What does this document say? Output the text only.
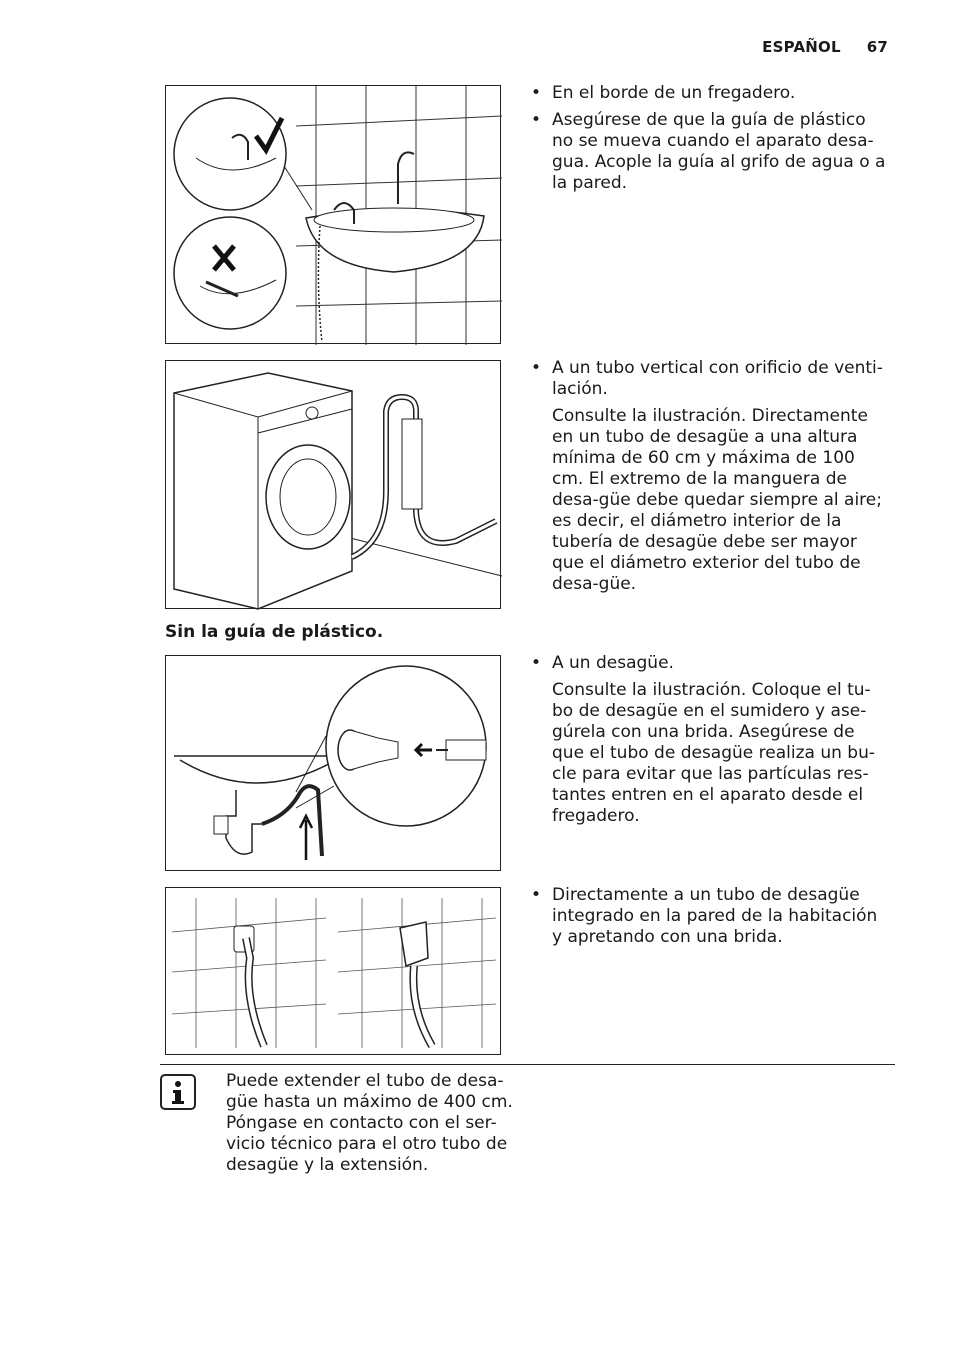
ESPAÑOL 67
• En el borde de un fregadero.
• Asegúrese de que la guía de plástico no se mueva cuando el aparato desa-gua. Acople la guía al grifo de agua o a la pared.
• A un tubo vertical con orificio de venti-lación.

Consulte la ilustración. Directamente en un tubo de desagüe a una altura mínima de 60 cm y máxima de 100 cm. El extremo de la manguera de desa-güe debe quedar siempre al aire; es decir, el diámetro interior de la tubería de desagüe debe ser mayor que el diámetro exterior del tubo de desa-güe.

Sin la guía de plástico.
• A un desagüe.

Consulte la ilustración. Coloque el tu-bo de desagüe en el sumidero y ase-gúrela con una brida. Asegúrese de que el tubo de desagüe realiza un bu-cle para evitar que las partículas res-tantes entren en el aparato desde el fregadero.

• Directamente a un tubo de desagüe integrado en la pared de la habitación y apretando con una brida.
Puede extender el tubo de desa-güe hasta un máximo de 400 cm. Póngase en contacto con el ser-vicio técnico para el otro tubo de desagüe y la extensión.
